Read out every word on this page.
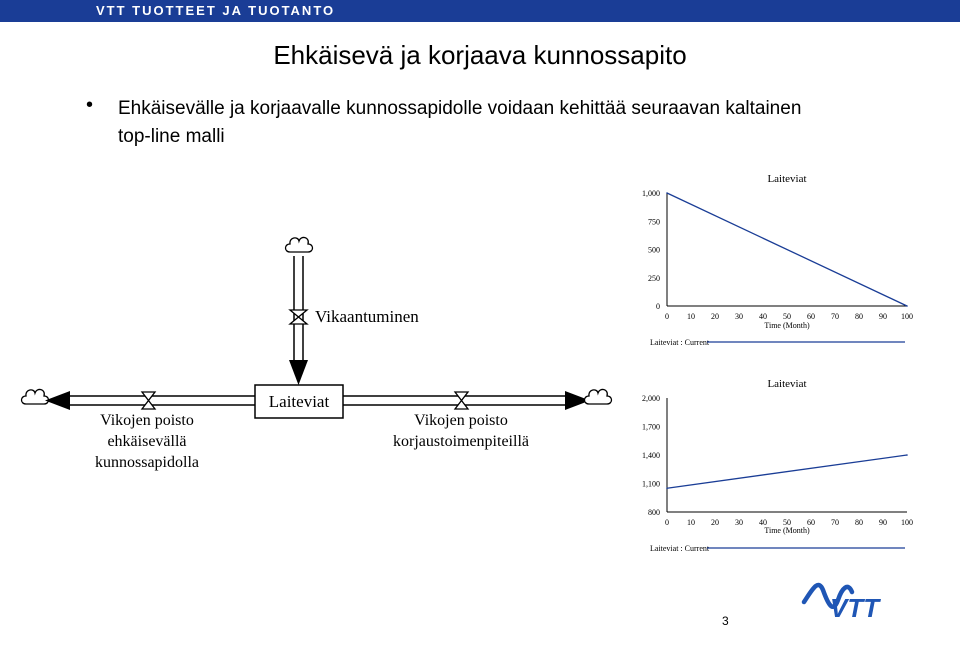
VTT TUOTTEET JA TUOTANTO
Ehkäisevä ja korjaava kunnossapito
• Ehkäisevälle ja korjaavalle kunnossapidolle voidaan kehittää seuraavan kaltainen
top-line malli
Vikaantuminen
Laiteviat
Vikojen poisto
ehkäisevällä
kunnossapidolla
Vikojen poisto
korjaustoimenpiteillä
Laiteviat
1,000
750
500
250
0
0 10 20 30 40 50 60 70 80 90 100
Time (Month)
Laiteviat : Current
Laiteviat
2,000
1,700
1,400
1,100
800
0 10 20 30 40 50 60 70 80 90 100
Time (Month)
Laiteviat : Current
VTT
3
